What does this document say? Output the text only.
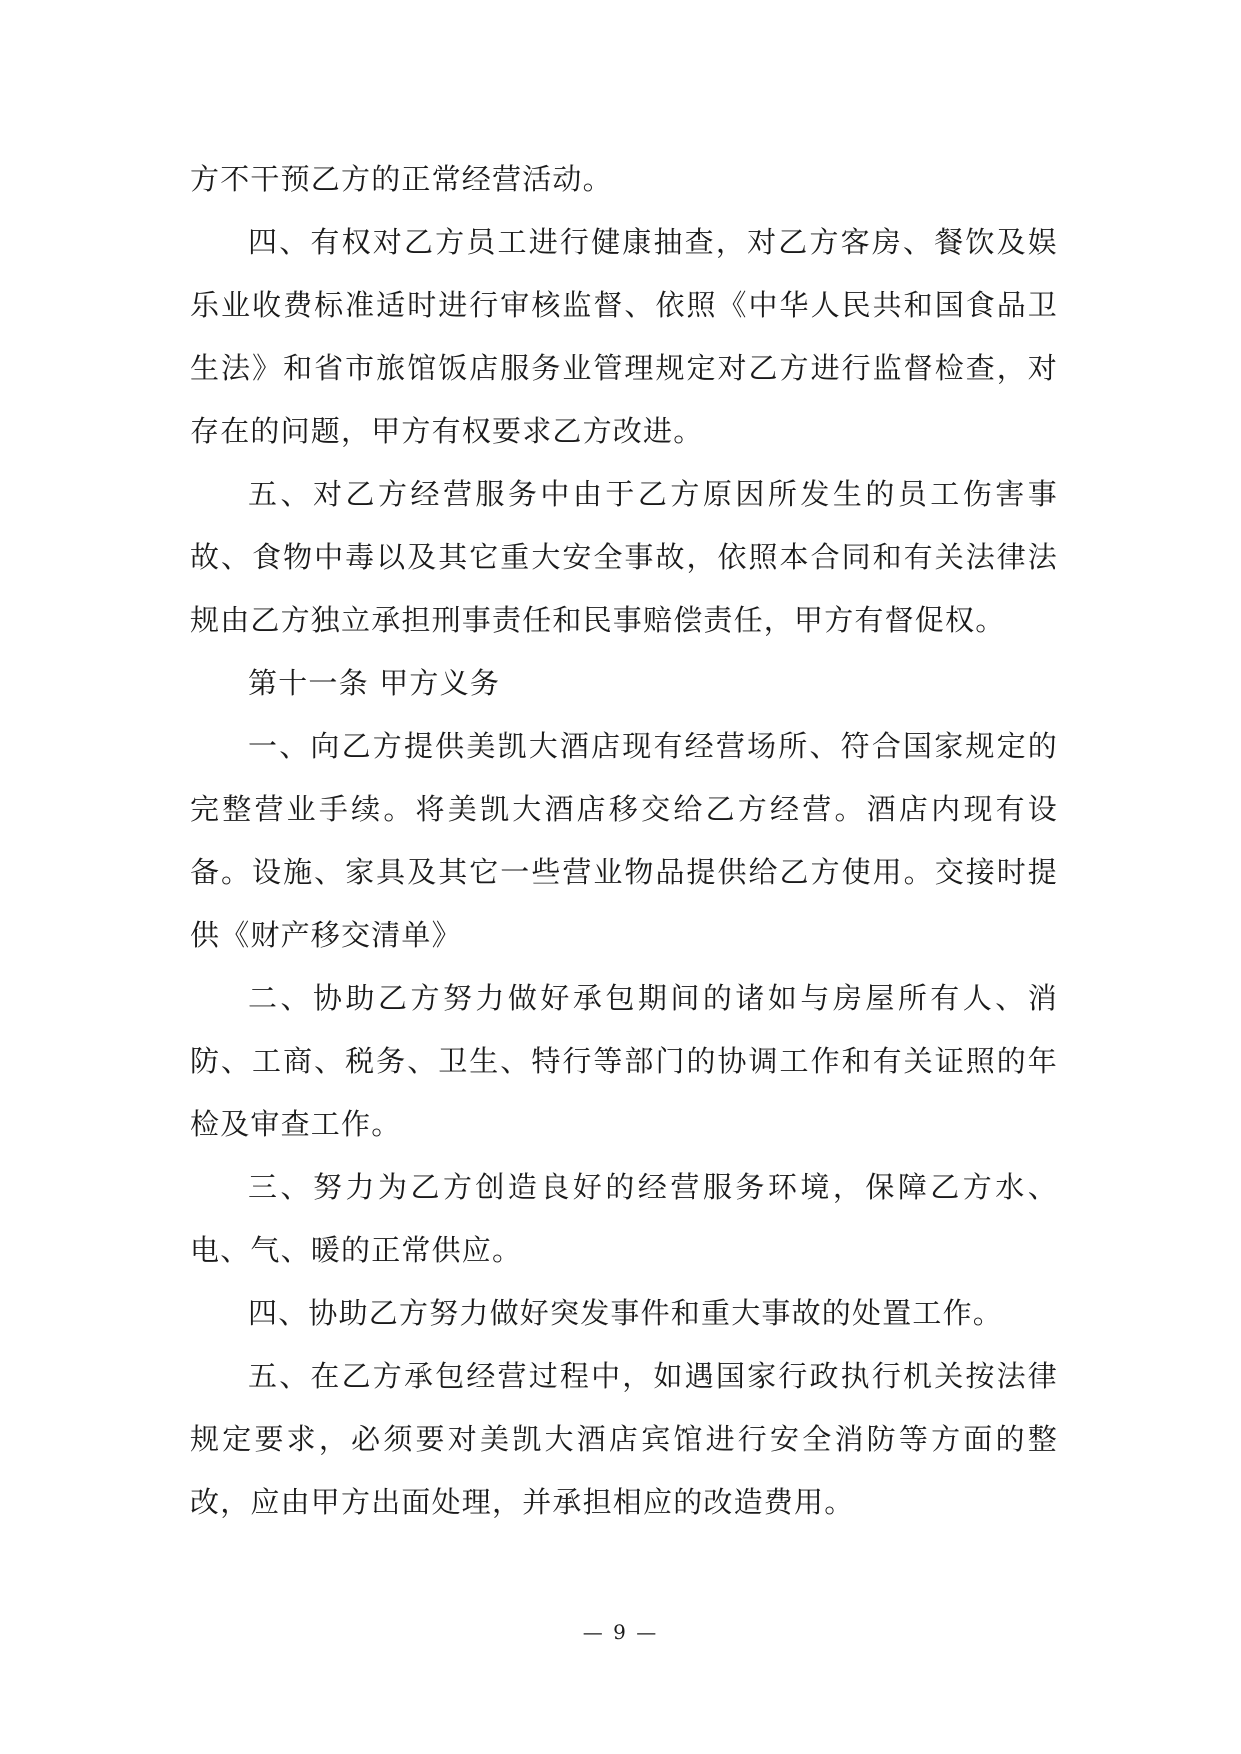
方不干预乙方的正常经营活动。

四、有权对乙方员工进行健康抽查，对乙方客房、餐饮及娱乐业收费标准适时进行审核监督、依照《中华人民共和国食品卫生法》和省市旅馆饭店服务业管理规定对乙方进行监督检查，对存在的问题，甲方有权要求乙方改进。

五、对乙方经营服务中由于乙方原因所发生的员工伤害事故、食物中毒以及其它重大安全事故，依照本合同和有关法律法规由乙方独立承担刑事责任和民事赔偿责任，甲方有督促权。

第十一条 甲方义务

一、向乙方提供美凯大酒店现有经营场所、符合国家规定的完整营业手续。将美凯大酒店移交给乙方经营。酒店内现有设备。设施、家具及其它一些营业物品提供给乙方使用。交接时提供《财产移交清单》

二、协助乙方努力做好承包期间的诸如与房屋所有人、消防、工商、税务、卫生、特行等部门的协调工作和有关证照的年检及审查工作。

三、努力为乙方创造良好的经营服务环境，保障乙方水、电、气、暖的正常供应。

四、协助乙方努力做好突发事件和重大事故的处置工作。

五、在乙方承包经营过程中，如遇国家行政执行机关按法律规定要求，必须要对美凯大酒店宾馆进行安全消防等方面的整改，应由甲方出面处理，并承担相应的改造费用。

— 9 —
